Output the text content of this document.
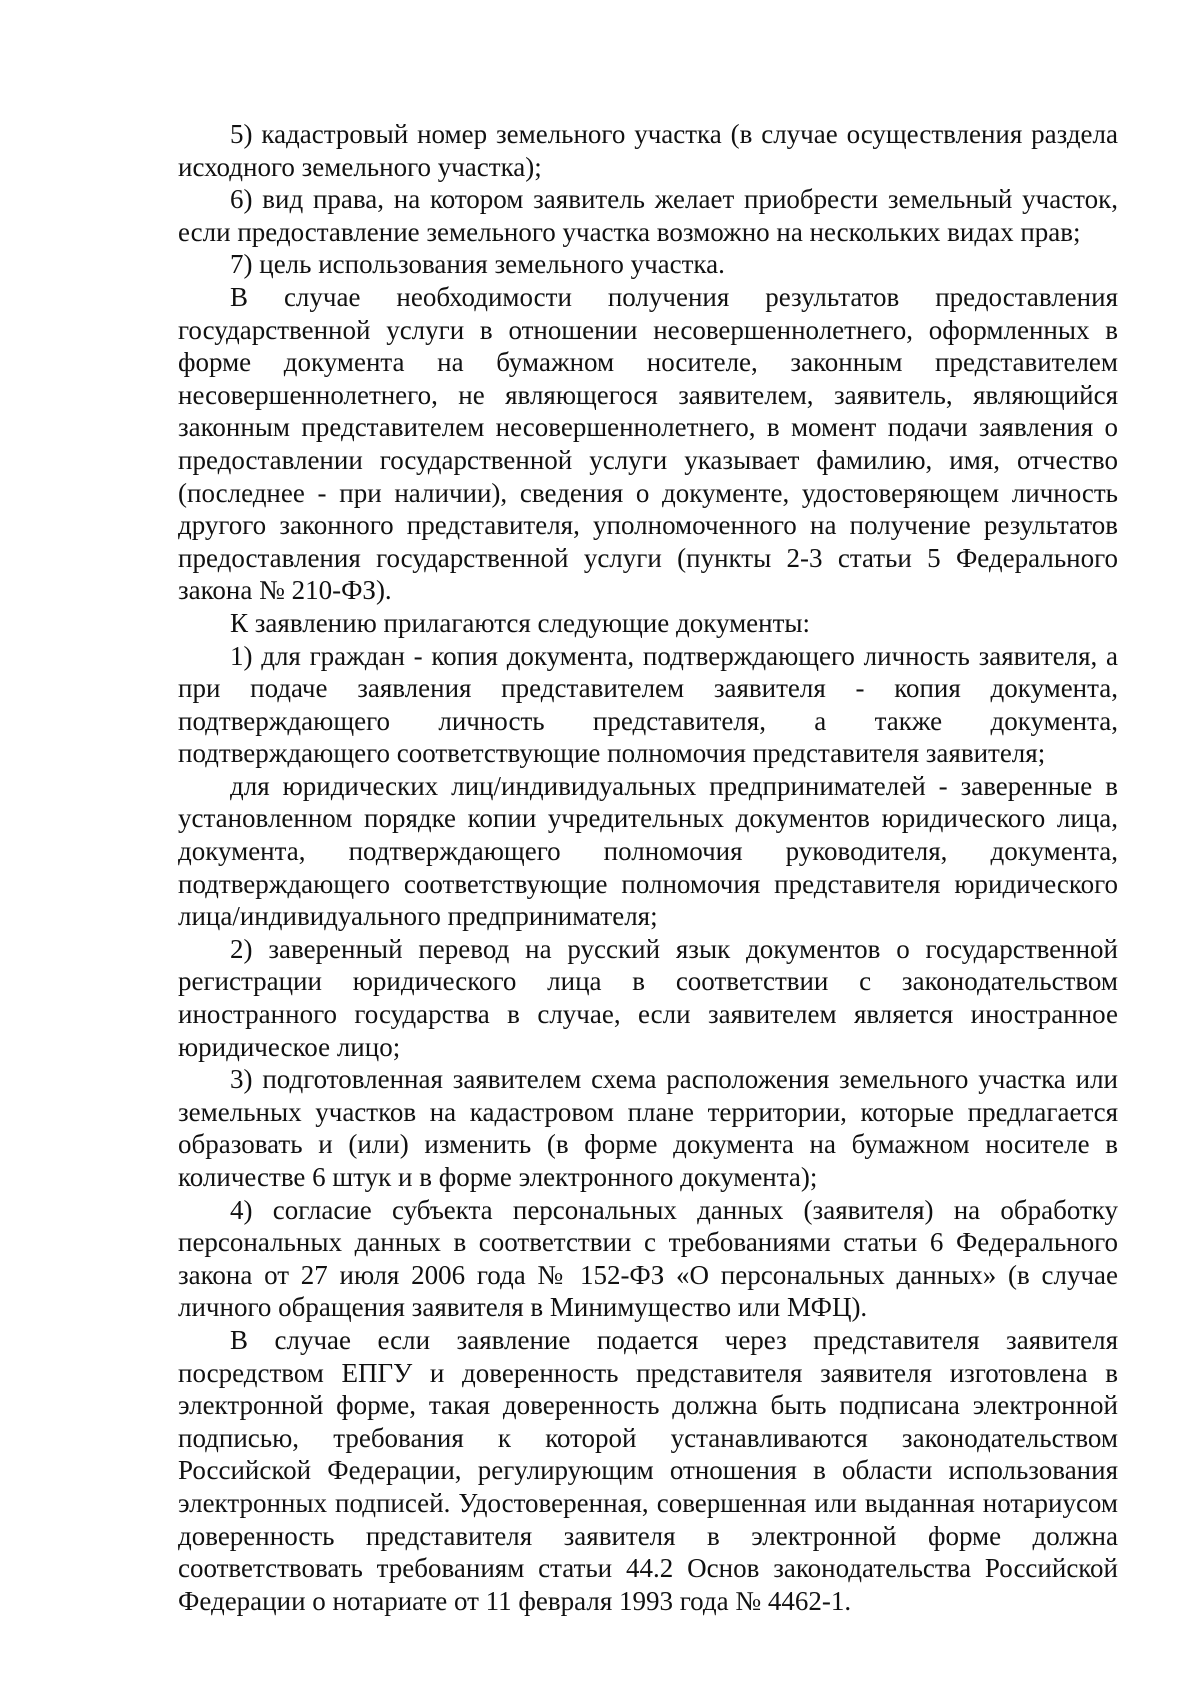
5) кадастровый номер земельного участка (в случае осуществления раздела исходного земельного участка);

6) вид права, на котором заявитель желает приобрести земельный участок, если предоставление земельного участка возможно на нескольких видах прав;

7) цель использования земельного участка.

В случае необходимости получения результатов предоставления государственной услуги в отношении несовершеннолетнего, оформленных в форме документа на бумажном носителе, законным представителем несовершеннолетнего, не являющегося заявителем, заявитель, являющийся законным представителем несовершеннолетнего, в момент подачи заявления о предоставлении государственной услуги указывает фамилию, имя, отчество (последнее - при наличии), сведения о документе, удостоверяющем личность другого законного представителя, уполномоченного на получение результатов предоставления государственной услуги (пункты 2-3 статьи 5 Федерального закона № 210-ФЗ).

К заявлению прилагаются следующие документы:

1) для граждан - копия документа, подтверждающего личность заявителя, а при подаче заявления представителем заявителя - копия документа, подтверждающего личность представителя, а также документа, подтверждающего соответствующие полномочия представителя заявителя;

для юридических лиц/индивидуальных предпринимателей - заверенные в установленном порядке копии учредительных документов юридического лица, документа, подтверждающего полномочия руководителя, документа, подтверждающего соответствующие полномочия представителя юридического лица/индивидуального предпринимателя;

2) заверенный перевод на русский язык документов о государственной регистрации юридического лица в соответствии с законодательством иностранного государства в случае, если заявителем является иностранное юридическое лицо;

3) подготовленная заявителем схема расположения земельного участка или земельных участков на кадастровом плане территории, которые предлагается образовать и (или) изменить (в форме документа на бумажном носителе в количестве 6 штук и в форме электронного документа);

4) согласие субъекта персональных данных (заявителя) на обработку персональных данных в соответствии с требованиями статьи 6 Федерального закона от 27 июля 2006 года № 152-ФЗ «О персональных данных» (в случае личного обращения заявителя в Минимущество или МФЦ).

В случае если заявление подается через представителя заявителя посредством ЕПГУ и доверенность представителя заявителя изготовлена в электронной форме, такая доверенность должна быть подписана электронной подписью, требования к которой устанавливаются законодательством Российской Федерации, регулирующим отношения в области использования электронных подписей. Удостоверенная, совершенная или выданная нотариусом доверенность представителя заявителя в электронной форме должна соответствовать требованиям статьи 44.2 Основ законодательства Российской Федерации о нотариате от 11 февраля 1993 года № 4462-1.
